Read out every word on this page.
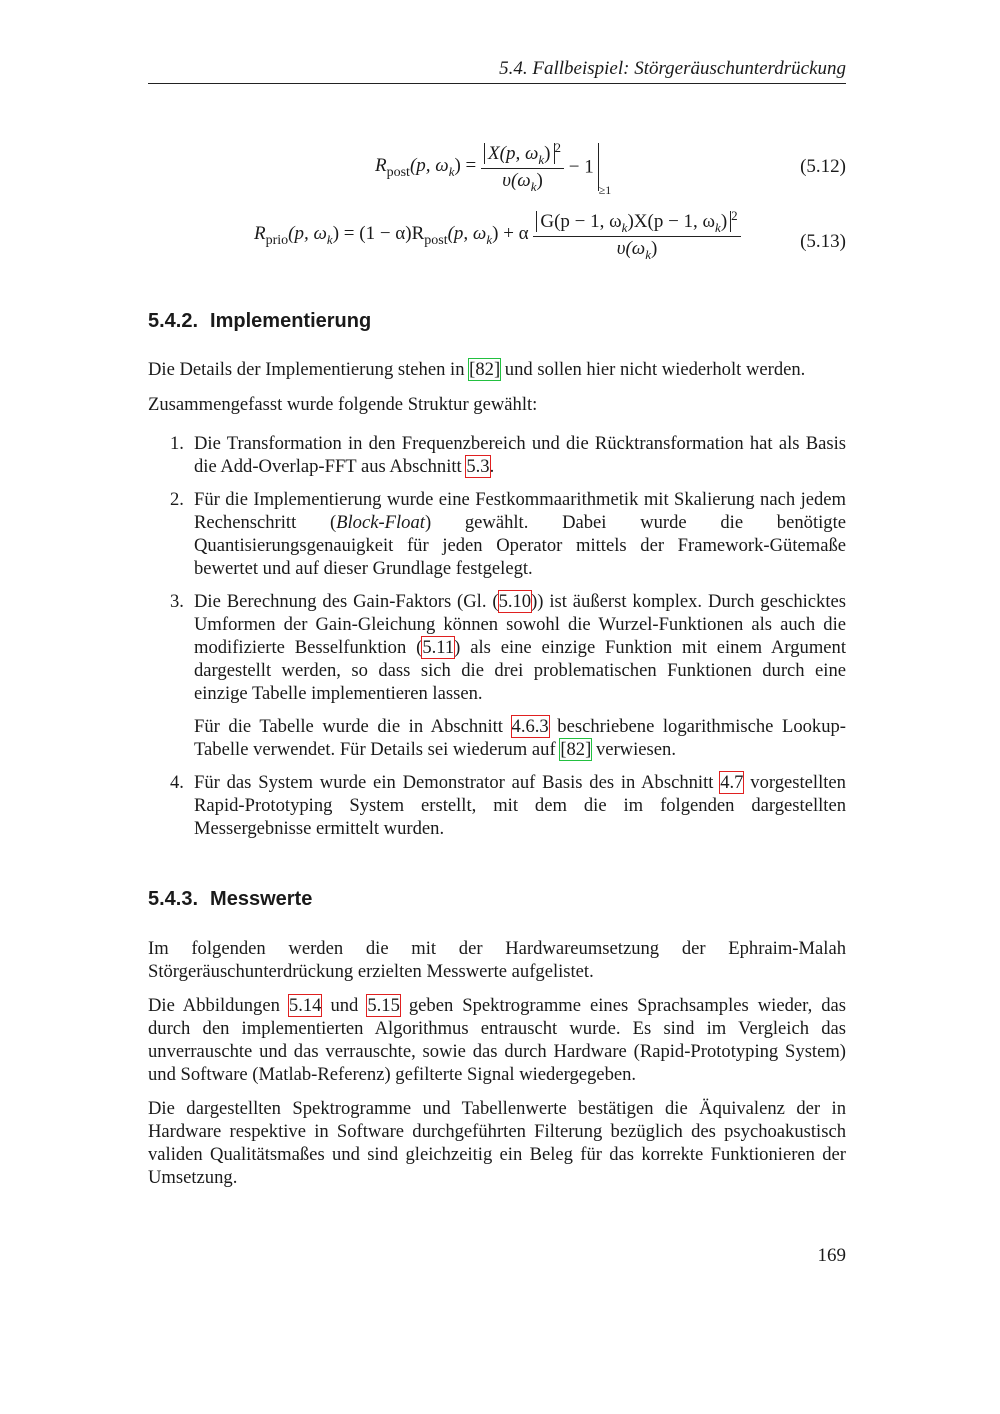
5.4. Fallbeispiel: Störgeräuschunterdrückung
$R_{post}(p$, $\omega_k) = \frac{X(p, \omega_k) ^2}{\upsilon(\omega_k)} - 1_{\ge 1}$
(5.12)
$R_{prio}(p$, $\omega_k) = (1 - \alpha)R_{post}(p$, $\omega_k) + \alpha \frac{G(p - 1, \omega_k)X(p - 1, \omega_k) ^2}{\upsilon(\omega_k)}$	(5.13)
5.4.2. Implementierung
Die Details der Implementierung stehen in [82] und sollen hier nicht wiederholt werden.
Zusammengefasst wurde folgende Struktur gewählt:
1. Die Transformation in den Frequenzbereich und die Rücktransformation hat als Basis die Add-Overlap-FFT aus Abschnitt 5.3.

2. Für die Implementierung wurde eine Festkommaarithmetik mit Skalierung nach jedem Rechenschritt (Block-Float) gewählt. Dabei wurde die benötigte Quantisierungsgenauigkeit für jeden Operator mittels der Framework-Gütemaße bewertet und auf dieser Grundlage festgelegt.

3. Die Berechnung des Gain-Faktors (Gl. (5.10)) ist äußerst komplex. Durch geschicktes Umformen der Gain-Gleichung können sowohl die Wurzel-Funktionen als auch die modifizierte Besselfunktion (5.11) als eine einzige Funktion mit einem Argument dargestellt werden, so dass sich die drei problematischen Funktionen durch eine einzige Tabelle implementieren lassen.

Für die Tabelle wurde die in Abschnitt 4.6.3 beschriebene logarithmische Lookup-Tabelle verwendet. Für Details sei wiederum auf [82] verwiesen.

4. Für das System wurde ein Demonstrator auf Basis des in Abschnitt 4.7 vorgestellten Rapid-Prototyping System erstellt, mit dem die im folgenden dargestellten Messergebnisse ermittelt wurden.

5.4.3. Messwerte
Im folgenden werden die mit der Hardwareumsetzung der Ephraim-Malah Störgeräuschunterdrückung erzielten Messwerte aufgelistet.
Die Abbildungen 5.14 und 5.15 geben Spektrogramme eines Sprachsamples wieder, das durch den implementierten Algorithmus entrauscht wurde. Es sind im Vergleich das unverrauschte und das verrauschte, sowie das durch Hardware (Rapid-Prototyping System) und Software (Matlab-Referenz) gefilterte Signal wiedergegeben.
Die dargestellten Spektrogramme und Tabellenwerte bestätigen die Äquivalenz der in Hardware respektive in Software durchgeführten Filterung bezüglich des psychoakustisch validen Qualitätsmaßes und sind gleichzeitig ein Beleg für das korrekte Funktionieren der Umsetzung.
169
